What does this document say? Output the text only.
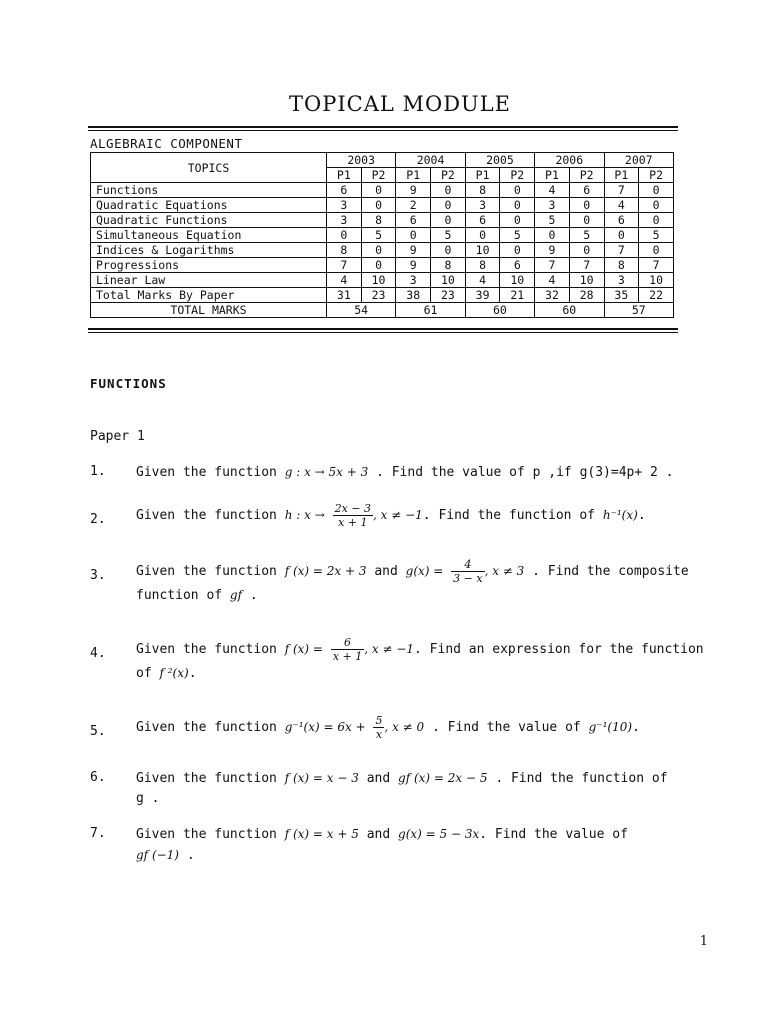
TOPICAL MODULE
ALGEBRAIC COMPONENT
TOPICS	2003		2004		2005		2006		2007	
	P1	P2	P1	P2	P1	P2	P1	P2	P1	P2
Functions	6	0	9	0	8	0	4	6	7	0
Quadratic Equations	3	0	2	0	3	0	3	0	4	0
Quadratic Functions	3	8	6	0	6	0	5	0	6	0
Simultaneous Equation	0	5	0	5	0	5	0	5	0	5
Indices & Logarithms	8	0	9	0	10	0	9	0	7	0
Progressions	7	0	9	8	8	6	7	7	8	7
Linear Law	4	10	3	10	4	10	4	10	3	10
Total Marks By Paper	31	23	38	23	39	21	32	28	35	22
TOTAL MARKS	54		61		60		60		57	
FUNCTIONS
Paper 1
1. Given the function g : x → 5x + 3 . Find the value of p ,if g(3)=4p+ 2 .
2. Given the function h : $x \to \frac{2x - 3}{x + 1}$ , x ≠ −1. Find the function of h⁻¹(x).
3. Given the function f (x) = 2x + 3 and $g(x) = \frac{4}{3 - x}$ , x ≠ 3 . Find the composite
function of gf .
4. Given the function f $(x) = \frac{6}{x + 1}$ , x ≠ −1. Find an expression for the function
of f ²(x).
5. Given the function $g^{-1}(x) = 6x + \frac{5}{x}$ , x ≠ 0 . Find the value of g⁻¹(10).
6. Given the function f (x) = x − 3 and gf (x) = 2x − 5 . Find the function of
g .
7. Given the function f (x) = x + 5 and g(x) = 5 − 3x. Find the value of
gf (−1) .
1
